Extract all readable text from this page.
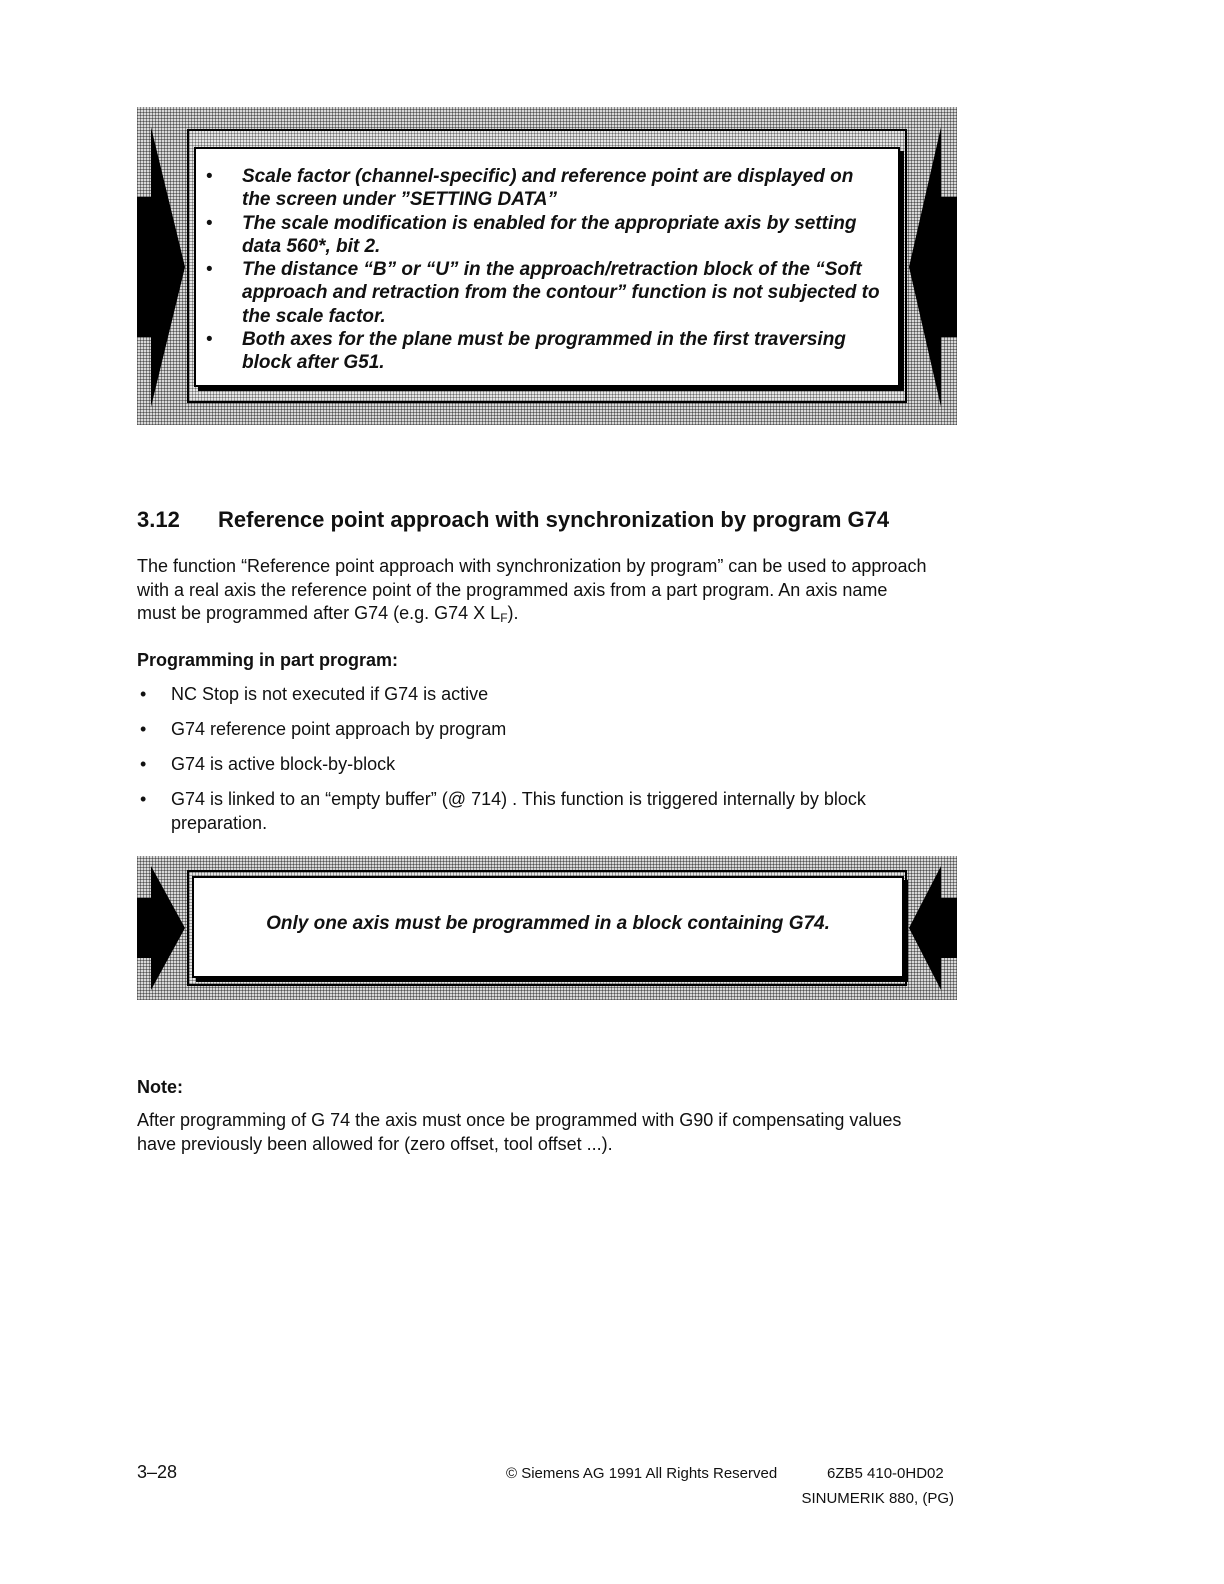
• Scale factor (channel-specific) and reference point are displayed on the screen under ”SETTING DATA”
• The scale modification is enabled for the appropriate axis by setting data 560*, bit 2.
• The distance “B” or “U” in the approach/retraction block of the “Soft approach and retraction from the contour” function is not subjected to the scale factor.
• Both axes for the plane must be programmed in the first traversing block after G51.
3.12 Reference point approach with synchronization by program G74
The function “Reference point approach with synchronization by program” can be used to approach with a real axis the reference point of the programmed axis from a part program. An axis name must be programmed after G74 (e.g. G74 X $L_F$).
Programming in part program:
• NC Stop is not executed if G74 is active
• G74 reference point approach by program
• G74 is active block-by-block
• G74 is linked to an “empty buffer” (@ 714) . This function is triggered internally by block preparation.
Only one axis must be programmed in a block containing G74.
Note:
After programming of G 74 the axis must once be programmed with G90 if compensating values have previously been allowed for (zero offset, tool offset ...).
3–28	© Siemens AG 1991 All Rights Reserved	6ZB5 410-0HD02
SINUMERIK 880, (PG)
